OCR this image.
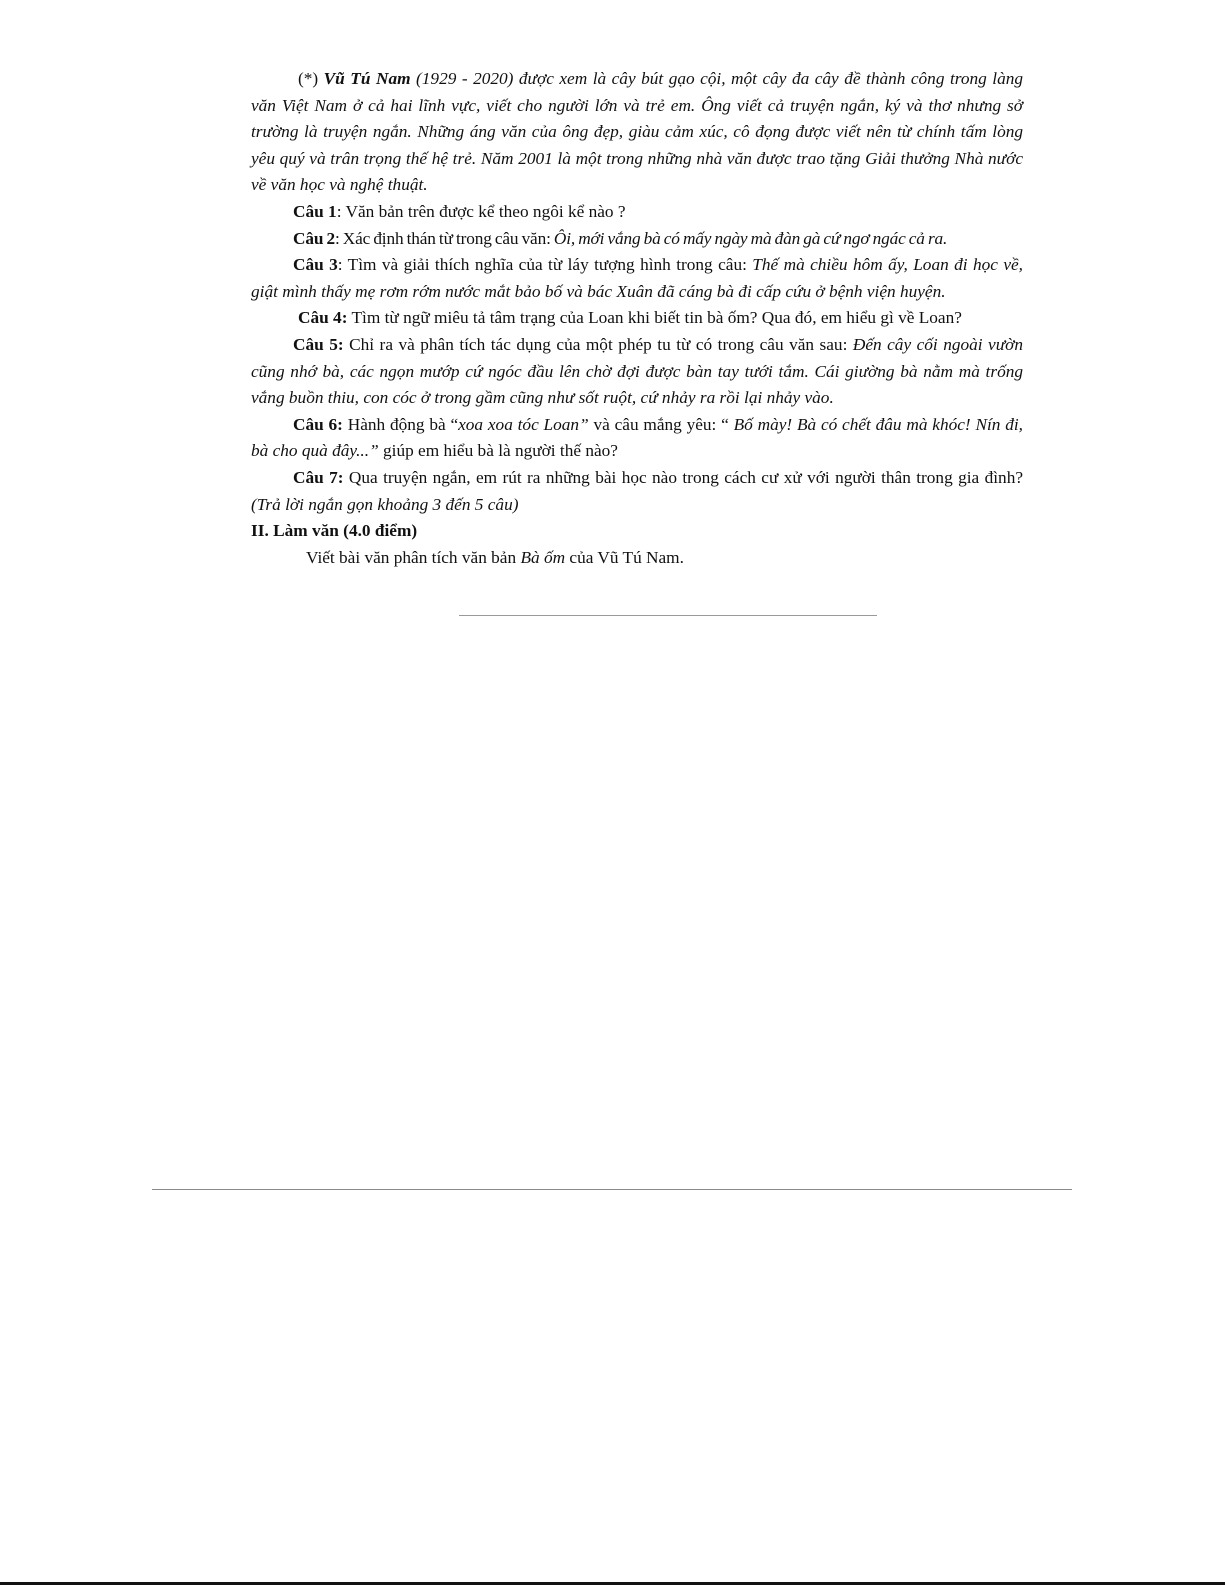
(*) Vũ Tú Nam (1929 - 2020) được xem là cây bút gạo cội, một cây đa cây đề thành công trong làng văn Việt Nam ở cả hai lĩnh vực, viết cho người lớn và trẻ em. Ông viết cả truyện ngắn, ký và thơ nhưng sở trường là truyện ngắn. Những áng văn của ông đẹp, giàu cảm xúc, cô đọng được viết nên từ chính tấm lòng yêu quý và trân trọng thế hệ trẻ. Năm 2001 là một trong những nhà văn được trao tặng Giải thưởng Nhà nước về văn học và nghệ thuật.

Câu 1: Văn bản trên được kể theo ngôi kể nào ?

Câu 2: Xác định thán từ trong câu văn: Ôi, mới vắng bà có mấy ngày mà đàn gà cứ ngơ ngác cả ra.

Câu 3: Tìm và giải thích nghĩa của từ láy tượng hình trong câu: Thế mà chiều hôm ấy, Loan đi học về, giật mình thấy mẹ rơm rớm nước mắt bảo bố và bác Xuân đã cáng bà đi cấp cứu ở bệnh viện huyện.

Câu 4: Tìm từ ngữ miêu tả tâm trạng của Loan khi biết tin bà ốm? Qua đó, em hiểu gì về Loan?

Câu 5: Chỉ ra và phân tích tác dụng của một phép tu từ có trong câu văn sau: Đến cây cối ngoài vườn cũng nhớ bà, các ngọn mướp cứ ngóc đầu lên chờ đợi được bàn tay tưới tắm. Cái giường bà nằm mà trống vắng buồn thiu, con cóc ở trong gầm cũng như sốt ruột, cứ nhảy ra rồi lại nhảy vào.

Câu 6: Hành động bà “xoa xoa tóc Loan” và câu mắng yêu: “ Bố mày! Bà có chết đâu mà khóc! Nín đi, bà cho quà đây...” giúp em hiểu bà là người thế nào?

Câu 7: Qua truyện ngắn, em rút ra những bài học nào trong cách cư xử với người thân trong gia đình? (Trả lời ngắn gọn khoảng 3 đến 5 câu)

II. Làm văn (4.0 điểm)

Viết bài văn phân tích văn bản Bà ốm của Vũ Tú Nam.
